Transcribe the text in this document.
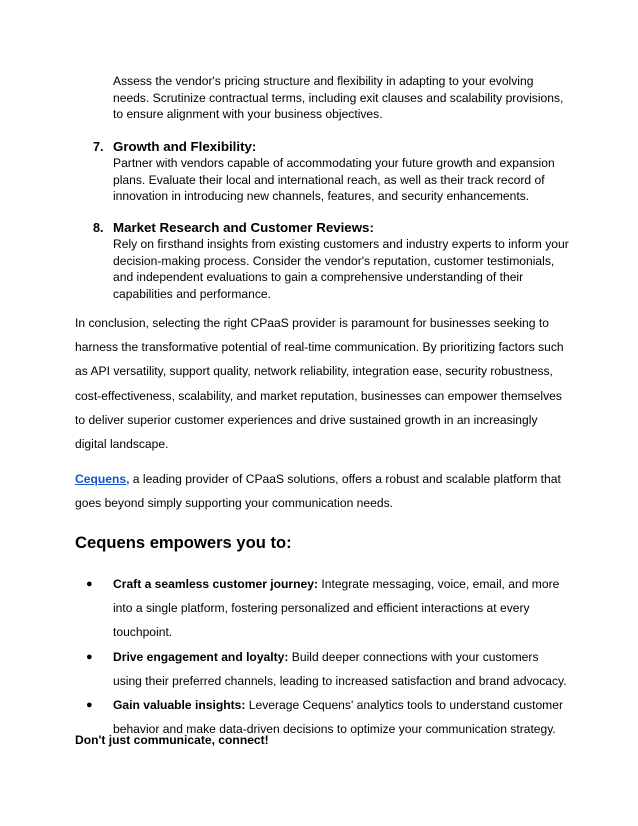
Assess the vendor's pricing structure and flexibility in adapting to your evolving needs. Scrutinize contractual terms, including exit clauses and scalability provisions, to ensure alignment with your business objectives.
7. Growth and Flexibility:
Partner with vendors capable of accommodating your future growth and expansion plans. Evaluate their local and international reach, as well as their track record of innovation in introducing new channels, features, and security enhancements.
8. Market Research and Customer Reviews:
Rely on firsthand insights from existing customers and industry experts to inform your decision-making process. Consider the vendor's reputation, customer testimonials, and independent evaluations to gain a comprehensive understanding of their capabilities and performance.
In conclusion, selecting the right CPaaS provider is paramount for businesses seeking to harness the transformative potential of real-time communication. By prioritizing factors such as API versatility, support quality, network reliability, integration ease, security robustness, cost-effectiveness, scalability, and market reputation, businesses can empower themselves to deliver superior customer experiences and drive sustained growth in an increasingly digital landscape.
Cequens, a leading provider of CPaaS solutions, offers a robust and scalable platform that goes beyond simply supporting your communication needs.
Cequens empowers you to:
● Craft a seamless customer journey: Integrate messaging, voice, email, and more into a single platform, fostering personalized and efficient interactions at every touchpoint.
● Drive engagement and loyalty: Build deeper connections with your customers using their preferred channels, leading to increased satisfaction and brand advocacy.
● Gain valuable insights: Leverage Cequens' analytics tools to understand customer behavior and make data-driven decisions to optimize your communication strategy.
Don't just communicate, connect!
